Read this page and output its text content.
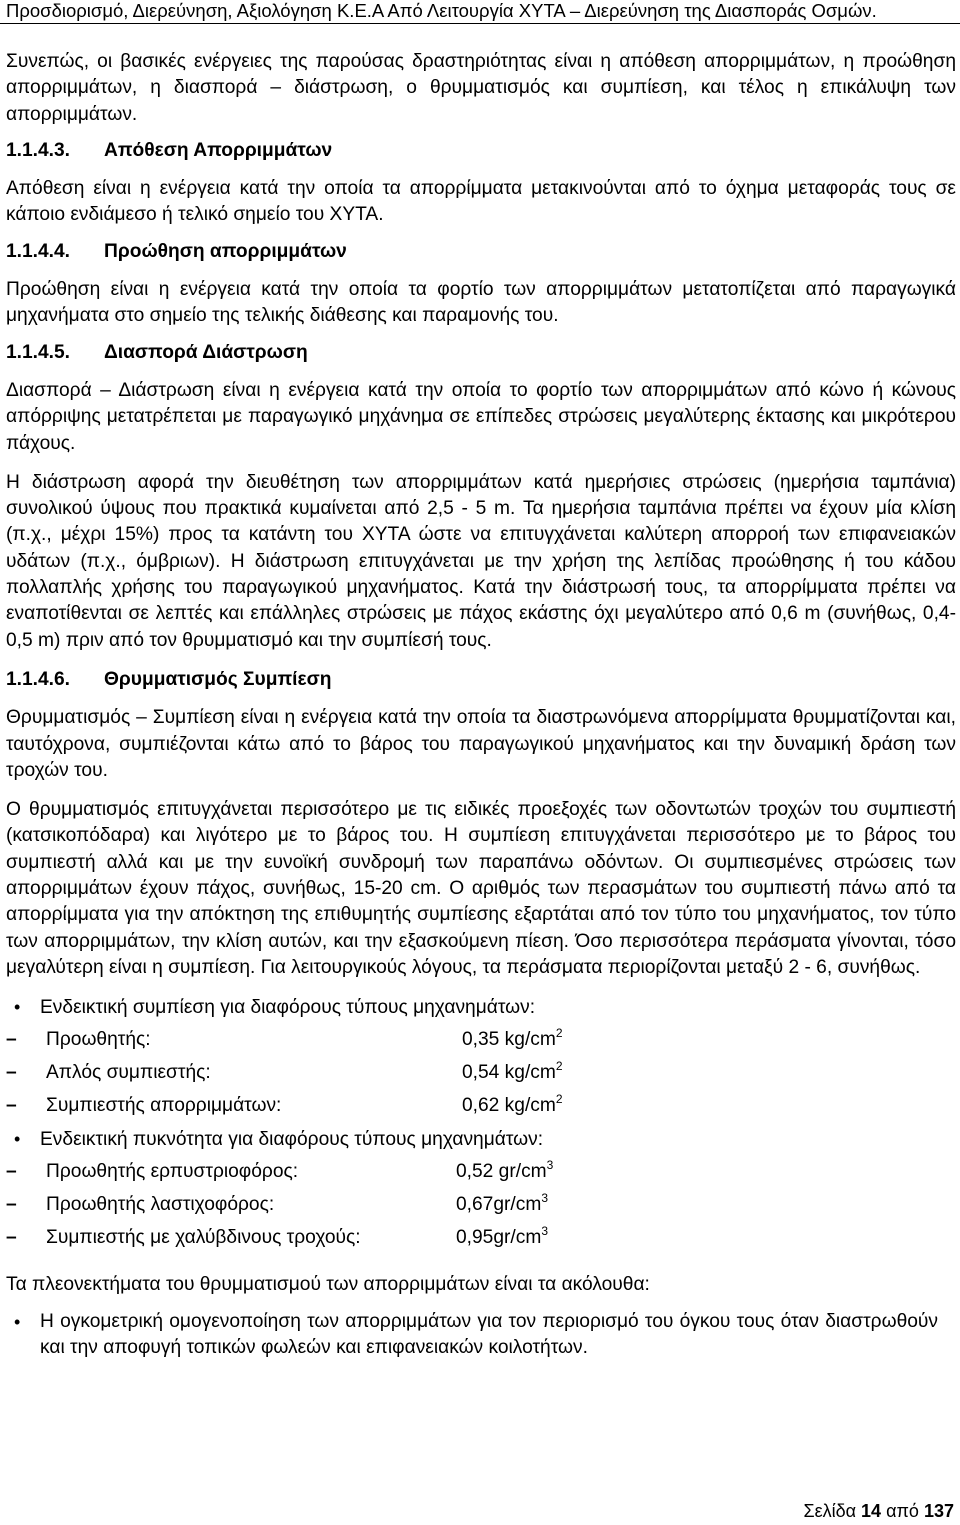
Προσδιορισμό, Διερεύνηση, Αξιολόγηση Κ.Ε.Α Από Λειτουργία ΧΥΤΑ – Διερεύνηση της Διασποράς Οσμών.

Συνεπώς, οι βασικές ενέργειες της παρούσας δραστηριότητας είναι η απόθεση απορριμμάτων, η προώθηση απορριμμάτων, η διασπορά – διάστρωση, ο θρυμματισμός και συμπίεση, και τέλος η επικάλυψη των απορριμμάτων.

1.1.4.3. Απόθεση Απορριμμάτων

Απόθεση είναι η ενέργεια κατά την οποία τα απορρίμματα μετακινούνται από το όχημα μεταφοράς τους σε κάποιο ενδιάμεσο ή τελικό σημείο του ΧΥΤΑ.

1.1.4.4. Προώθηση απορριμμάτων

Προώθηση είναι η ενέργεια κατά την οποία τα φορτίο των απορριμμάτων μετατοπίζεται από παραγωγικά μηχανήματα στο σημείο της τελικής διάθεσης και παραμονής του.

1.1.4.5. Διασπορά Διάστρωση

Διασπορά – Διάστρωση είναι η ενέργεια κατά την οποία το φορτίο των απορριμμάτων από κώνο ή κώνους απόρριψης μετατρέπεται με παραγωγικό μηχάνημα σε επίπεδες στρώσεις μεγαλύτερης έκτασης και μικρότερου πάχους.

Η διάστρωση αφορά την διευθέτηση των απορριμμάτων κατά ημερήσιες στρώσεις (ημερήσια ταμπάνια) συνολικού ύψους που πρακτικά κυμαίνεται από 2,5 - 5 m. Τα ημερήσια ταμπάνια πρέπει να έχουν μία κλίση (π.χ., μέχρι 15%) προς τα κατάντη του ΧΥΤΑ ώστε να επιτυγχάνεται καλύτερη απορροή των επιφανειακών υδάτων (π.χ., όμβριων). Η διάστρωση επιτυγχάνεται με την χρήση της λεπίδας προώθησης ή του κάδου πολλαπλής χρήσης του παραγωγικού μηχανήματος. Κατά την διάστρωσή τους, τα απορρίμματα πρέπει να εναποτίθενται σε λεπτές και επάλληλες στρώσεις με πάχος εκάστης όχι μεγαλύτερο από 0,6 m (συνήθως, 0,4-0,5 m) πριν από τον θρυμματισμό και την συμπίεσή τους.

1.1.4.6. Θρυμματισμός Συμπίεση

Θρυμματισμός – Συμπίεση είναι η ενέργεια κατά την οποία τα διαστρωνόμενα απορρίμματα θρυμματίζονται και, ταυτόχρονα, συμπιέζονται κάτω από το βάρος του παραγωγικού μηχανήματος και την δυναμική δράση των τροχών του.

Ο θρυμματισμός επιτυγχάνεται περισσότερο με τις ειδικές προεξοχές των οδοντωτών τροχών του συμπιεστή (κατσικοπόδαρα) και λιγότερο με το βάρος του. Η συμπίεση επιτυγχάνεται περισσότερο με το βάρος του συμπιεστή αλλά και με την ευνοϊκή συνδρομή των παραπάνω οδόντων. Οι συμπιεσμένες στρώσεις των απορριμμάτων έχουν πάχος, συνήθως, 15-20 cm. Ο αριθμός των περασμάτων του συμπιεστή πάνω από τα απορρίμματα για την απόκτηση της επιθυμητής συμπίεσης εξαρτάται από τον τύπο του μηχανήματος, τον τύπο των απορριμμάτων, την κλίση αυτών, και την εξασκούμενη πίεση. Όσο περισσότερα περάσματα γίνονται, τόσο μεγαλύτερη είναι η συμπίεση. Για λειτουργικούς λόγους, τα περάσματα περιορίζονται μεταξύ 2 - 6, συνήθως.

•	Ενδεικτική συμπίεση για διαφόρους τύπους μηχανημάτων:
–	Προωθητής:	0,35 $kg/cm^2$
–	Απλός συμπιεστής:	0,54 $kg/cm^2$
–	Συμπιεστής απορριμμάτων:	0,62 $kg/cm^2$
•	Ενδεικτική πυκνότητα για διαφόρους τύπους μηχανημάτων:
–	Προωθητής ερπυστριοφόρος:	0,52 $gr/cm^3$
–	Προωθητής λαστιχοφόρος:	$0,67gr/cm^3$
–	Συμπιεστής με χαλύβδινους τροχούς:	$0,95gr/cm^3$

Τα πλεονεκτήματα του θρυμματισμού των απορριμμάτων είναι τα ακόλουθα:

•	Η ογκομετρική ομογενοποίηση των απορριμμάτων για τον περιορισμό του όγκου τους όταν διαστρωθούν και την αποφυγή τοπικών φωλεών και επιφανειακών κοιλοτήτων.
Σελίδα 14 από 137
